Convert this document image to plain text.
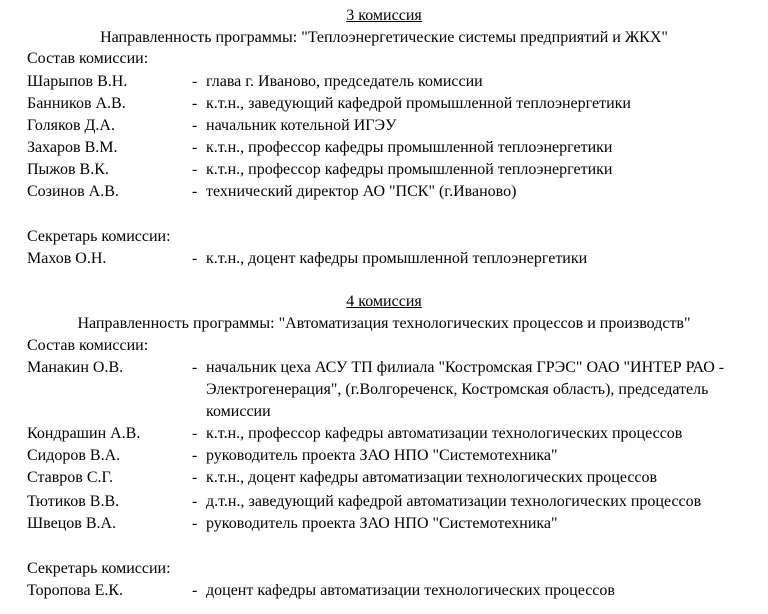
3 комиссия
Направленность программы: "Теплоэнергетические системы предприятий и ЖКХ"
Состав комиссии:
Шарыпов В.Н.	- глава г. Иваново, председатель комиссии
Банников А.В.	- к.т.н., заведующий кафедрой промышленной теплоэнергетики
Голяков Д.А.	- начальник котельной ИГЭУ
Захаров В.М.	- к.т.н., профессор кафедры промышленной теплоэнергетики
Пыжов В.К.	- к.т.н., профессор кафедры промышленной теплоэнергетики
Созинов А.В.	- технический директор АО "ПСК" (г.Иваново)
Секретарь комиссии:
Махов О.Н.	- к.т.н., доцент кафедры промышленной теплоэнергетики
4 комиссия
Направленность программы: "Автоматизация технологических процессов и производств"
Состав комиссии:
Манакин О.В.	- начальник цеха АСУ ТП филиала "Костромская ГРЭС" ОАО "ИНТЕР РАО -
Электрогенерация", (г.Волгореченск, Костромская область), председатель
комиссии
Кондрашин А.В.	- к.т.н., профессор кафедры автоматизации технологических процессов
Сидоров В.А.	- руководитель проекта ЗАО НПО "Системотехника"
Ставров С.Г.	- к.т.н., доцент кафедры автоматизации технологических процессов
Тютиков В.В.	- д.т.н., заведующий кафедрой автоматизации технологических процессов
Швецов В.А.	- руководитель проекта ЗАО НПО "Системотехника"
Секретарь комиссии:
Торопова Е.К.	- доцент кафедры автоматизации технологических процессов
